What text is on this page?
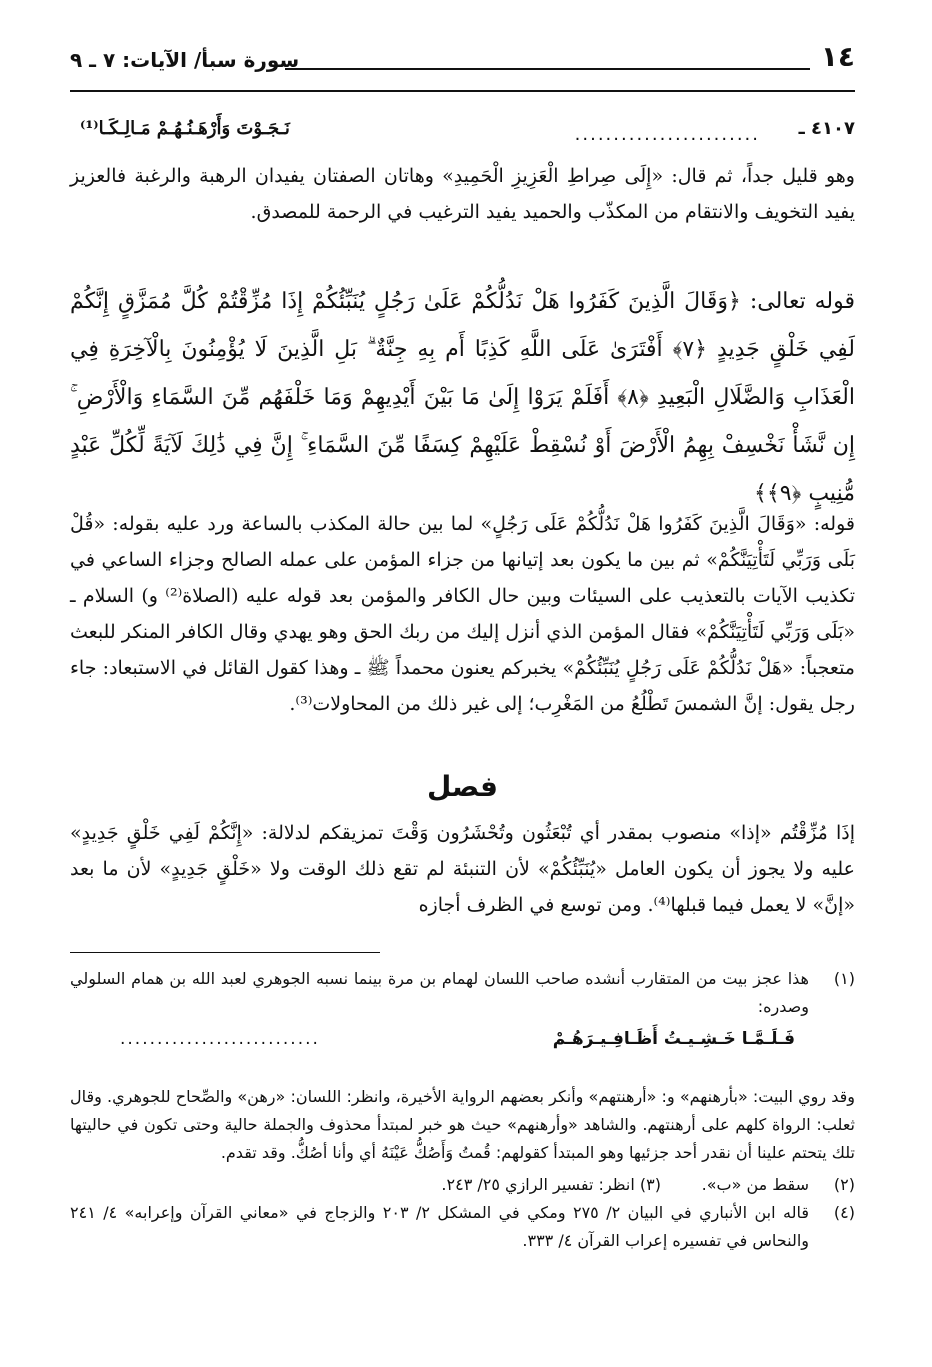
١٤
سورة سبأ/ الآيات: ٧ ـ ٩
٤١٠٧ ـ
........................
نَـجَـوْتَ وَأَرْهَـنُـهُـمْ مَـالِـكَـا⁽¹⁾
وهو قليل جداً، ثم قال: «إِلَى صِراطِ الْعَزِيزِ الْحَمِيدِ» وهاتان الصفتان يفيدان الرهبة والرغبة فالعزيز يفيد التخويف والانتقام من المكذّب والحميد يفيد الترغيب في الرحمة للمصدق.
قوله تعالى: ﴿وَقَالَ الَّذِينَ كَفَرُوا هَلْ نَدُلُّكُمْ عَلَىٰ رَجُلٍ يُنَبِّئُكُمْ إِذَا مُزِّقْتُمْ كُلَّ مُمَزَّقٍ إِنَّكُمْ لَفِي خَلْقٍ جَدِيدٍ ﴿٧﴾ أَفْتَرَىٰ عَلَى اللَّهِ كَذِبًا أَم بِهِ جِنَّةٌ ۗ بَلِ الَّذِينَ لَا يُؤْمِنُونَ بِالْآخِرَةِ فِي الْعَذَابِ وَالضَّلَالِ الْبَعِيدِ ﴿٨﴾ أَفَلَمْ يَرَوْا إِلَىٰ مَا بَيْنَ أَيْدِيهِمْ وَمَا خَلْفَهُم مِّنَ السَّمَاءِ وَالْأَرْضِ ۚ إِن نَّشَأْ نَخْسِفْ بِهِمُ الْأَرْضَ أَوْ نُسْقِطْ عَلَيْهِمْ كِسَفًا مِّنَ السَّمَاءِ ۚ إِنَّ فِي ذَٰلِكَ لَآيَةً لِّكُلِّ عَبْدٍ مُّنِيبٍ ﴿٩﴾﴾
قوله: «وَقَالَ الَّذِينَ كَفَرُوا هَلْ نَدُلُّكُمْ عَلَى رَجُلٍ» لما بين حالة المكذب بالساعة ورد عليه بقوله: «قُلْ بَلَى وَرَبِّي لَتَأْتِيَنَّكُمْ» ثم بين ما يكون بعد إتيانها من جزاء المؤمن على عمله الصالح وجزاء الساعي في تكذيب الآيات بالتعذيب على السيئات وبين حال الكافر والمؤمن بعد قوله عليه (الصلاة⁽²⁾ و) السلام ـ «بَلَى وَرَبِّي لَتَأْتِيَنَّكُمْ» فقال المؤمن الذي أنزل إليك من ربك الحق وهو يهدي وقال الكافر المنكر للبعث متعجباً: «هَلْ نَدُلُّكُمْ عَلَى رَجُلٍ يُنَبِّئُكُمْ» يخبركم يعنون محمداً ﷺ ـ وهذا كقول القائل في الاستبعاد: جاء رجل يقول: إنَّ الشمسَ تَطْلُعُ من المَغْرِب؛ إلى غير ذلك من المحاولات⁽³⁾.
فصل
إذَا مُزِّقْتُم «إذا» منصوب بمقدر أي تُبْعَثُون وتُحْشَرُون وَقْتَ تمزيقكم لدلالة: «إِنَّكُمْ لَفِي خَلْقٍ جَدِيدٍ» عليه ولا يجوز أن يكون العامل «يُنَبِّئُكُمْ» لأن التنبئة لم تقع ذلك الوقت ولا «خَلْقٍ جَدِيدٍ» لأن ما بعد «إنَّ» لا يعمل فيما قبلها⁽⁴⁾. ومن توسع في الظرف أجازه
(١)
هذا عجز بيت من المتقارب أنشده صاحب اللسان لهمام بن مرة بينما نسبه الجوهري لعبد الله بن همام السلولي وصدره:
فَـلَـمَّـا خَـشِـيـتُ أَظَـافِـيـرَهُـمْ
...........................
وقد روي البيت: «بأرهنهم» و: «أرهنتهم» وأنكر بعضهم الرواية الأخيرة، وانظر: اللسان: «رهن» والصِّحاح للجوهري. وقال ثعلب: الرواة كلهم على أرهنتهم. والشاهد «وأرهنهم» حيث هو خبر لمبتدأ محذوف والجملة حالية وحتى تكون في حاليتها تلك يتحتم علينا أن نقدر أحد جزئيها وهو المبتدأ كقولهم: قُمتُ وَأَصُكُّ عَيْنَهُ أي وأنا أصُكُّ. وقد تقدم.
(٢)
سقط من «ب».        (٣) انظر: تفسير الرازي ٢٥/ ٢٤٣.
(٤)
قاله ابن الأنباري في البيان ٢/ ٢٧٥ ومكي في المشكل ٢/ ٢٠٣ والزجاج في «معاني القرآن وإعرابه» ٤/ ٢٤١ والنحاس في تفسيره إعراب القرآن ٤/ ٣٣٣.
